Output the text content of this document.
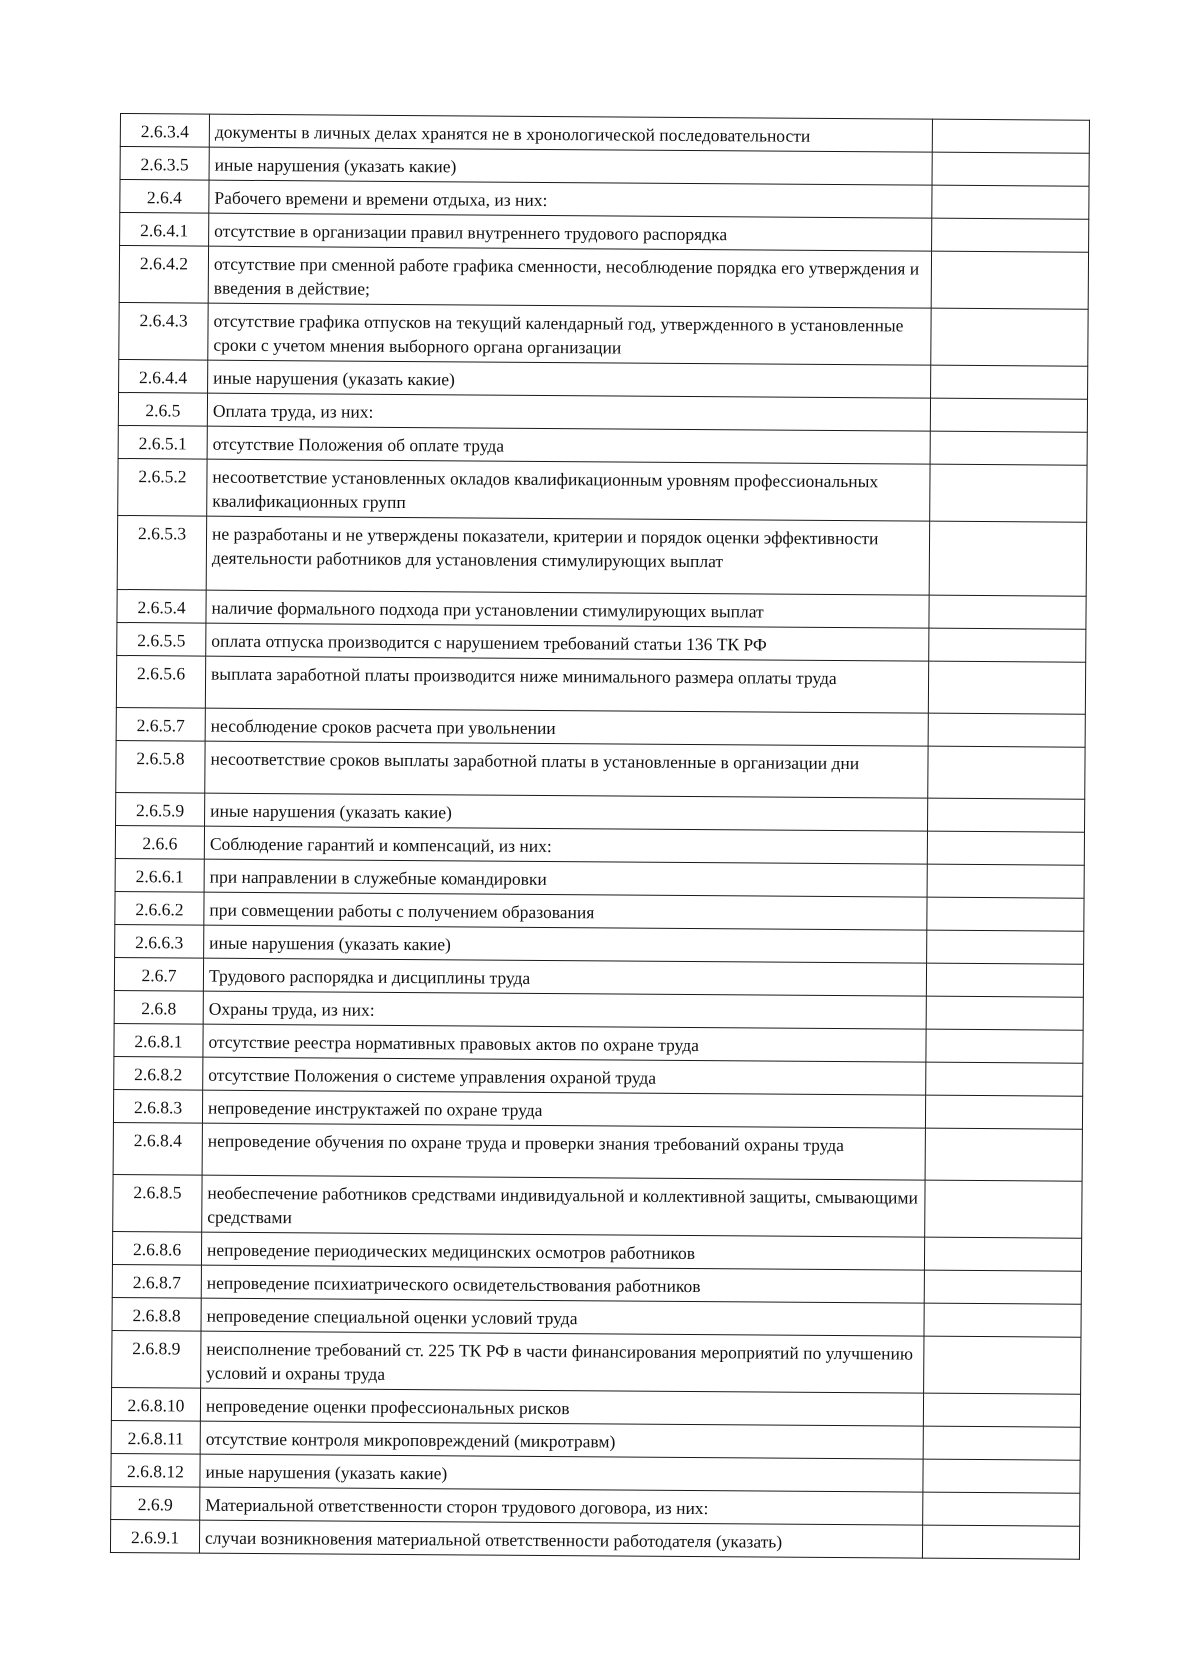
2.6.3.4	документы в личных делах хранятся не в хронологической последовательности	
2.6.3.5	иные нарушения (указать какие)	
2.6.4	Рабочего времени и времени отдыха, из них:	
2.6.4.1	отсутствие в организации правил внутреннего трудового распорядка	
2.6.4.2	отсутствие при сменной работе графика сменности, несоблюдение порядка его утверждения и введения в действие;	
2.6.4.3	отсутствие графика отпусков на текущий календарный год, утвержденного в установленные сроки с учетом мнения выборного органа организации	
2.6.4.4	иные нарушения (указать какие)	
2.6.5	Оплата труда, из них:	
2.6.5.1	отсутствие Положения об оплате труда	
2.6.5.2	несоответствие установленных окладов квалификационным уровням профессиональных квалификационных групп	
2.6.5.3	не разработаны и не утверждены показатели, критерии и порядок оценки эффективности деятельности работников для установления стимулирующих выплат	
2.6.5.4	наличие формального подхода при установлении стимулирующих выплат	
2.6.5.5	оплата отпуска производится с нарушением требований статьи 136 ТК РФ	
2.6.5.6	выплата заработной платы производится ниже минимального размера оплаты труда	
2.6.5.7	несоблюдение сроков расчета при увольнении	
2.6.5.8	несоответствие сроков выплаты заработной платы в установленные в организации дни	
2.6.5.9	иные нарушения (указать какие)	
2.6.6	Соблюдение гарантий и компенсаций, из них:	
2.6.6.1	при направлении в служебные командировки	
2.6.6.2	при совмещении работы с получением образования	
2.6.6.3	иные нарушения (указать какие)	
2.6.7	Трудового распорядка и дисциплины труда	
2.6.8	Охраны труда, из них:	
2.6.8.1	отсутствие реестра нормативных правовых актов по охране труда	
2.6.8.2	отсутствие Положения о системе управления охраной труда	
2.6.8.3	непроведение инструктажей по охране труда	
2.6.8.4	непроведение обучения по охране труда и проверки знания требований охраны труда	
2.6.8.5	необеспечение работников средствами индивидуальной и коллективной защиты, смывающими средствами	
2.6.8.6	непроведение периодических медицинских осмотров работников	
2.6.8.7	непроведение психиатрического освидетельствования работников	
2.6.8.8	непроведение специальной оценки условий труда	
2.6.8.9	неисполнение требований ст. 225 ТК РФ в части финансирования мероприятий по улучшению условий и охраны труда	
2.6.8.10	непроведение оценки профессиональных рисков	
2.6.8.11	отсутствие контроля микроповреждений (микротравм)	
2.6.8.12	иные нарушения (указать какие)	
2.6.9	Материальной ответственности сторон трудового договора, из них:	
2.6.9.1	случаи возникновения материальной ответственности работодателя (указать)	
